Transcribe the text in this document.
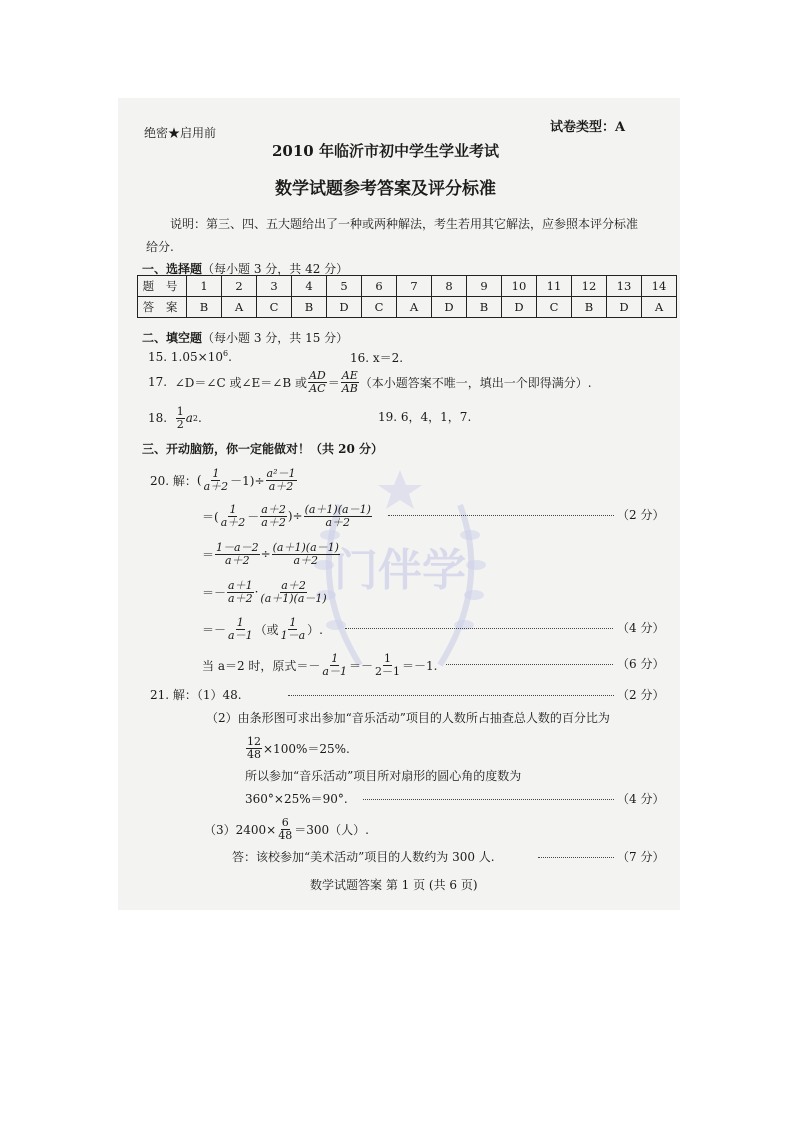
门伴学
绝密★启用前	试卷类型：A
2010 年临沂市初中学生学业考试
数学试题参考答案及评分标准
说明：第三、四、五大题给出了一种或两种解法，考生若用其它解法，应参照本评分标准
给分.
一、选择题（每小题 3 分，共 42 分）
题 号	1	2	3	4	5	6	7	8	9	10	11	12	13	14
答 案	B	A	C	B	D	C	A	D	B	D	C	B	D	A
二、填空题（每小题 3 分，共 15 分）
15. $1.05\times 10^6$.	16. x＝2.
17.
∠D＝∠C 或∠E＝∠B 或 $\frac{AD}{AC} = \frac{AE}{AB}$ （本小题答案不唯一，填出一个即得满分）.
18.
$\frac{1}{2}$ a 2 .	19. 6，4，1，7.
三、开动脑筋，你一定能做对！（共 20 分）
20. 解： ( $\frac{1}{a+2} -1)\div \frac{\text{a²－1}}{a+2}$
＝( $\frac{1}{a+2} - \frac{a+2}{a+2}$ )÷ $\frac{(a+1)(a-1)}{a+2}$	（2 分）
＝ $\frac{1-a-2}{a+2} \div \frac{(a+1)(a-1)}{a+2}$
＝－ $\frac{a+1}{a+2} \cdot \frac{a+2}{(a+1)(a-1)}$
＝－ $\frac{1}{a-1}$ （或 $\frac{1}{1-a}$ ）.	（4 分）
当 a＝2 时，原式＝－ $\frac{1}{a-1} =- \frac{1}{2-1} =-1$.	（6 分）
21. 解：（1）48.	（2 分）
（2）由条形图可求出参加“音乐活动”项目的人数所占抽查总人数的百分比为
$\frac{12}{48} \times 100\%=25\%$.
所以参加“音乐活动”项目所对扇形的圆心角的度数为
360°×25%＝90°.	（4 分）
$(3)2400\times \frac{6}{48} =300$（人）.
答：该校参加“美术活动”项目的人数约为 300 人.	（7 分）
数学试题答案 第 1 页 (共 6 页)
